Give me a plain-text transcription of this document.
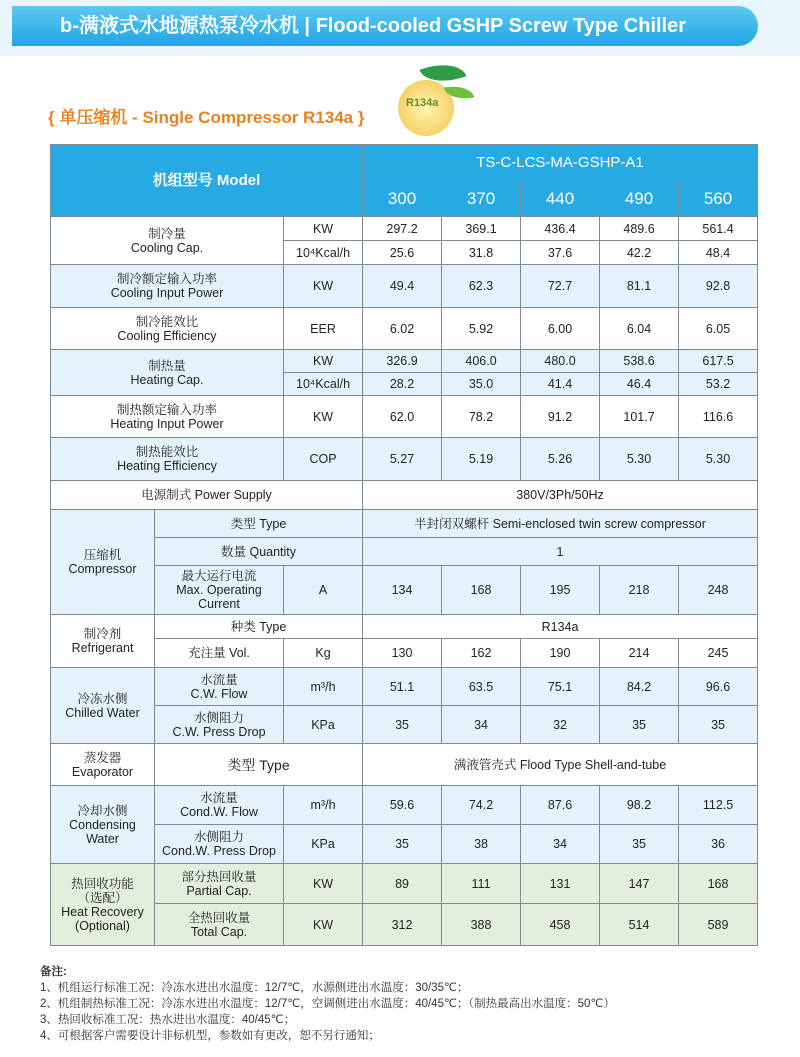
b-满液式水地源热泵冷水机 | Flood-cooled GSHP Screw Type Chiller
{ 单压缩机 - Single Compressor R134a }
R134a
机组型号 Model			TS-C-LCS-MA-GSHP-A1				
			300	370	440	490	560

制冷量
Cooling Cap.		KW	297.2	369.1	436.4	489.6	561.4
		10⁴Kcal/h	25.6	31.8	37.6	42.2	48.4

制冷额定输入功率
Cooling Input Power		KW	49.4	62.3	72.7	81.1	92.8

制冷能效比
Cooling Efficiency		EER	6.02	5.92	6.00	6.04	6.05

制热量
Heating Cap.		KW	326.9	406.0	480.0	538.6	617.5
		10⁴Kcal/h	28.2	35.0	41.4	46.4	53.2

制热额定输入功率
Heating Input Power		KW	62.0	78.2	91.2	101.7	116.6

制热能效比
Heating Efficiency		COP	5.27	5.19	5.26	5.30	5.30
电源制式 Power Supply			380V/3Ph/50Hz				

压缩机
Compressor	类型 Type		半封闭双螺杆 Semi-enclosed twin screw compressor				
	数量 Quantity		1				

	最大运行电流
Max. Operating
Current	A	134	168	195	218	248

制冷剂
Refrigerant	种类 Type		R134a				
	充注量 Vol.	Kg	130	162	190	214	245

冷冻水侧
Chilled Water	水流量
C.W. Flow	m³/h	51.1	63.5	75.1	84.2	96.6

	水侧阻力
C.W. Press Drop	KPa	35	34	32	35	35

蒸发器
Evaporator	类型 Type		满液管壳式 Flood Type Shell-and-tube				

冷却水侧
Condensing
Water	水流量
Cond.W. Flow	m³/h	59.6	74.2	87.6	98.2	112.5

	水侧阻力
Cond.W. Press Drop	KPa	35	38	34	35	36

热回收功能
（选配）
Heat Recovery
(Optional)	部分热回收量
Partial Cap.	KW	89	111	131	147	168

	全热回收量
Total Cap.	KW	312	388	458	514	589
备注:
1、机组运行标准工况：冷冻水进出水温度：12/7℃，水源侧进出水温度：30/35℃；
2、机组制热标准工况：冷冻水进出水温度：12/7℃，空调侧进出水温度：40/45℃；（制热最高出水温度：50℃）
3、热回收标准工况：热水进出水温度：40/45℃；
4、可根据客户需要设计非标机型，参数如有更改，恕不另行通知；
